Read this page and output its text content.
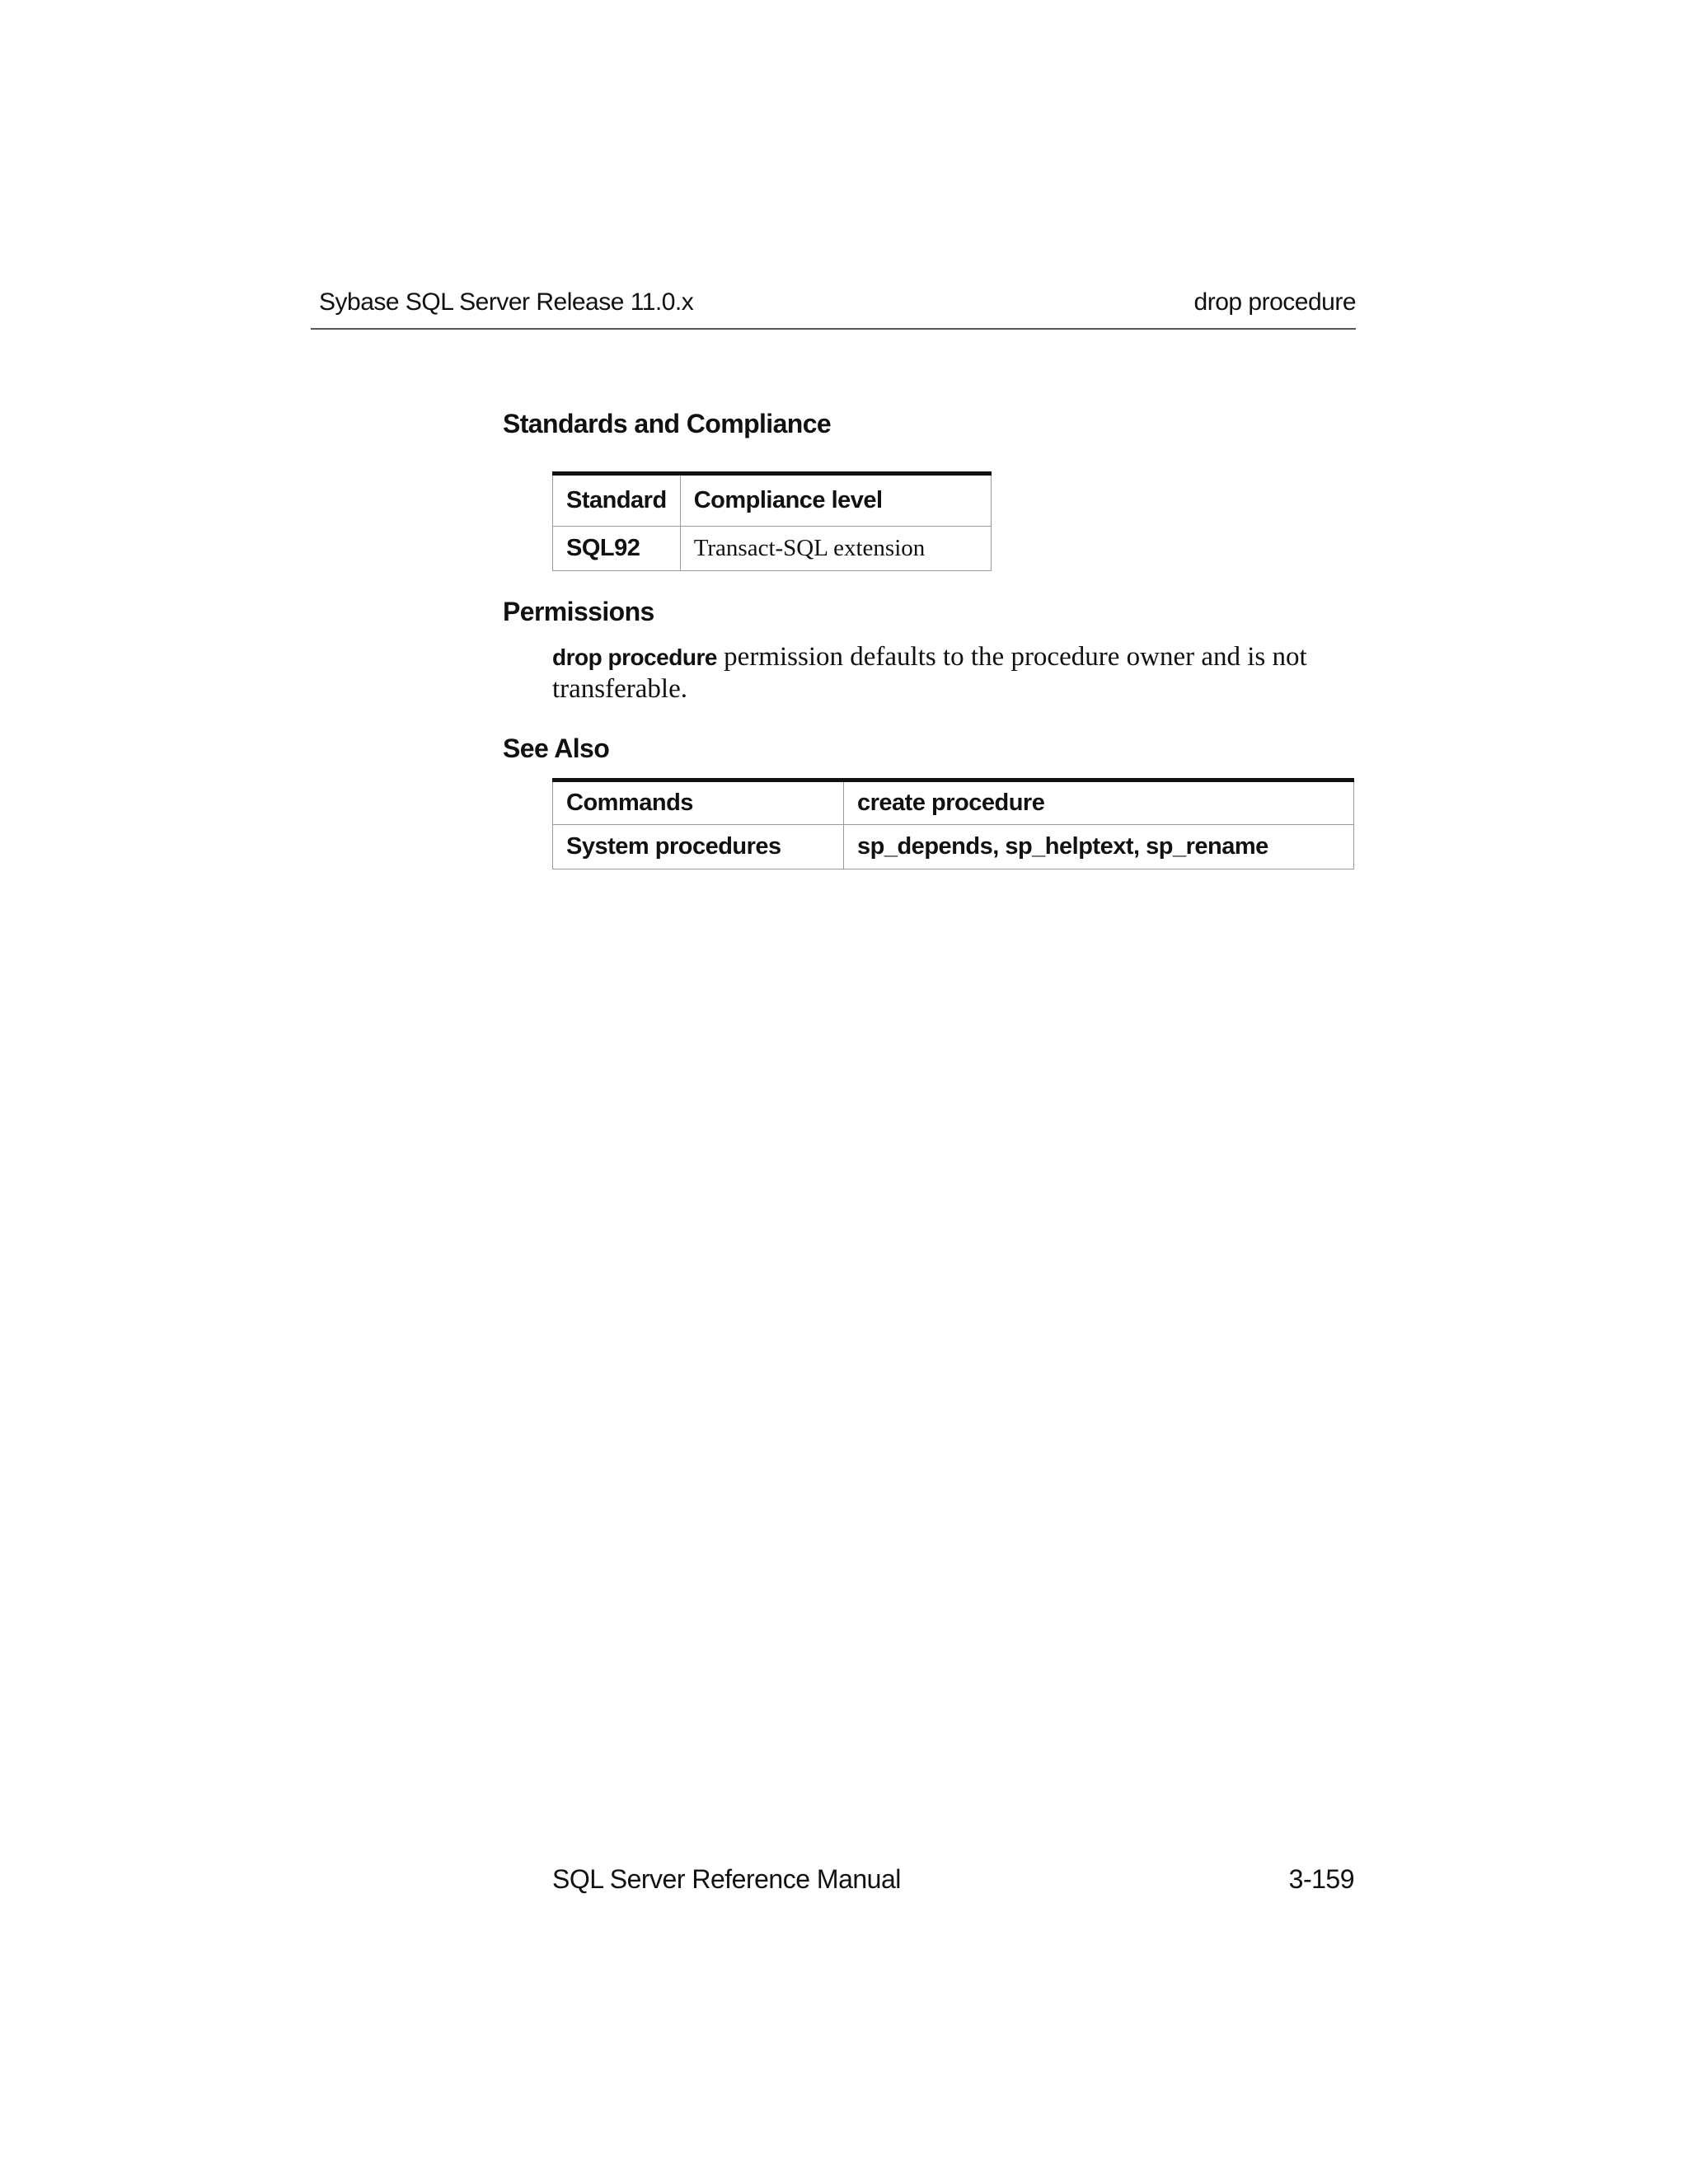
Sybase SQL Server Release 11.0.x	drop procedure
Standards and Compliance
Standard	Compliance level
SQL92	Transact-SQL extension
Permissions
drop procedure permission defaults to the procedure owner and is not transferable.
See Also
Commands	create procedure
System procedures	sp_depends, sp_helptext, sp_rename
SQL Server Reference Manual	3-159
